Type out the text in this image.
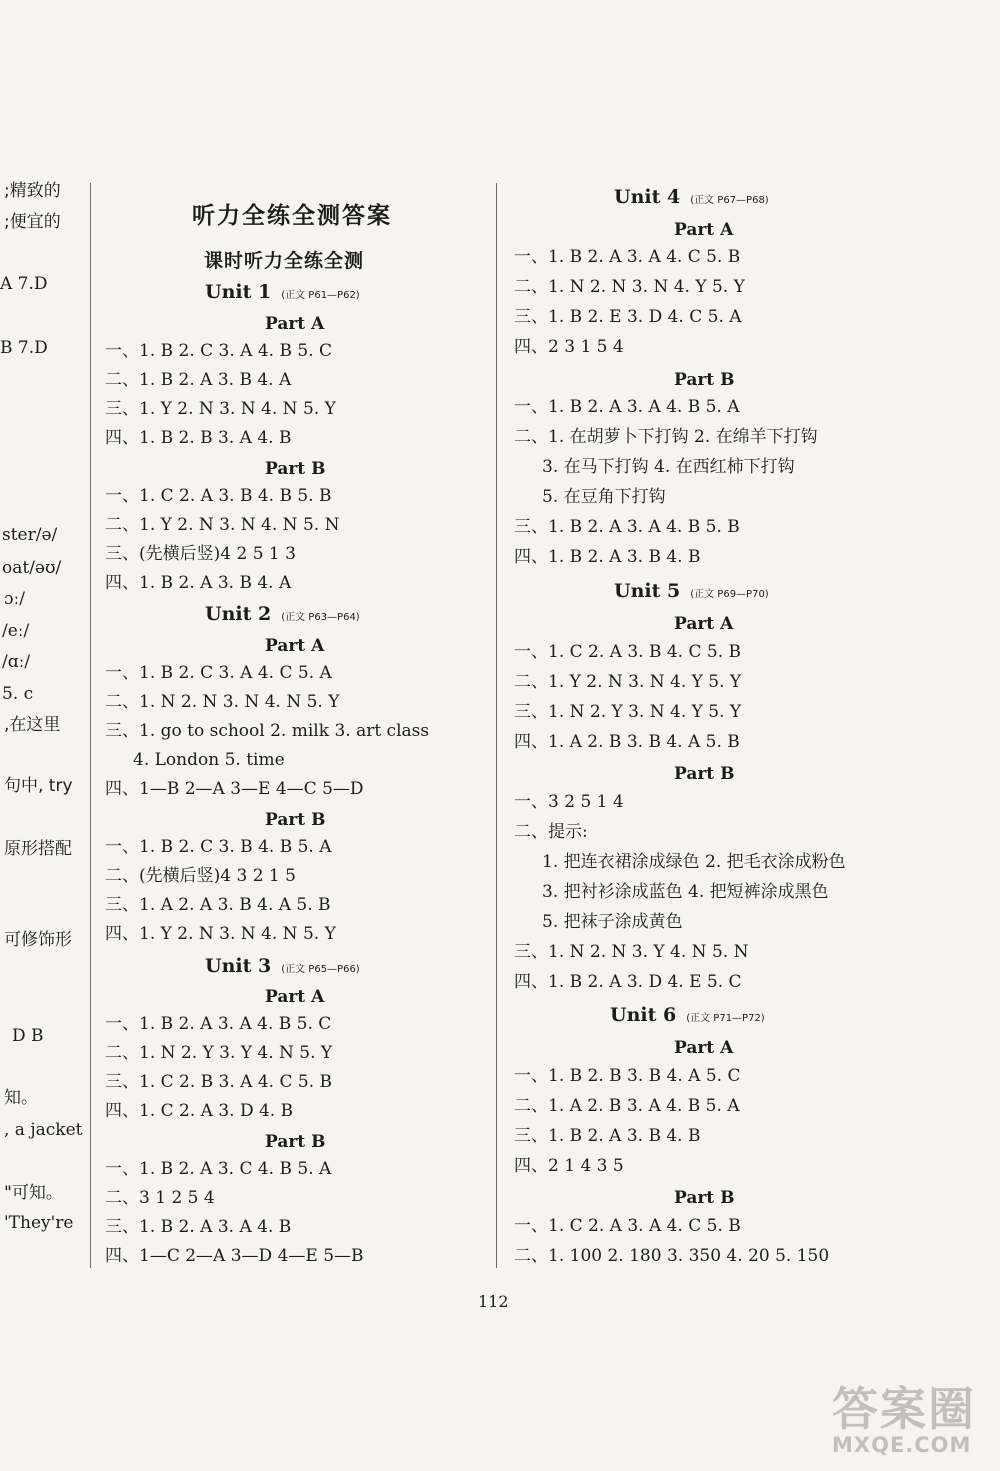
;精致的
;便宜的
A 7.D
B 7.D
ster/ə/
oat/əʊ/
ɔː/
/eː/
/ɑː/
5. c
,在这里
句中, try
原形搭配
可修饰形
D B
知。
, a jacket
"可知。
'They're
听力全练全测答案
课时听力全练全测
Unit 1 (正文 P61—P62)
Part A
一、1. B 2. C 3. A 4. B 5. C
二、1. B 2. A 3. B 4. A
三、1. Y 2. N 3. N 4. N 5. Y
四、1. B 2. B 3. A 4. B
Part B
一、1. C 2. A 3. B 4. B 5. B
二、1. Y 2. N 3. N 4. N 5. N
三、(先横后竖)4 2 5 1 3
四、1. B 2. A 3. B 4. A
Unit 2 (正文 P63—P64)
Part A
一、1. B 2. C 3. A 4. C 5. A
二、1. N 2. N 3. N 4. N 5. Y
三、1. go to school 2. milk 3. art class
4. London 5. time
四、1—B 2—A 3—E 4—C 5—D
Part B
一、1. B 2. C 3. B 4. B 5. A
二、(先横后竖)4 3 2 1 5
三、1. A 2. A 3. B 4. A 5. B
四、1. Y 2. N 3. N 4. N 5. Y
Unit 3 (正文 P65—P66)
Part A
一、1. B 2. A 3. A 4. B 5. C
二、1. N 2. Y 3. Y 4. N 5. Y
三、1. C 2. B 3. A 4. C 5. B
四、1. C 2. A 3. D 4. B
Part B
一、1. B 2. A 3. C 4. B 5. A
二、3 1 2 5 4
三、1. B 2. A 3. A 4. B
四、1—C 2—A 3—D 4—E 5—B
Unit 4 (正文 P67—P68)
Part A
一、1. B 2. A 3. A 4. C 5. B
二、1. N 2. N 3. N 4. Y 5. Y
三、1. B 2. E 3. D 4. C 5. A
四、2 3 1 5 4
Part B
一、1. B 2. A 3. A 4. B 5. A
二、1. 在胡萝卜下打钩 2. 在绵羊下打钩
3. 在马下打钩 4. 在西红柿下打钩
5. 在豆角下打钩
三、1. B 2. A 3. A 4. B 5. B
四、1. B 2. A 3. B 4. B
Unit 5 (正文 P69—P70)
Part A
一、1. C 2. A 3. B 4. C 5. B
二、1. Y 2. N 3. N 4. Y 5. Y
三、1. N 2. Y 3. N 4. Y 5. Y
四、1. A 2. B 3. B 4. A 5. B
Part B
一、3 2 5 1 4
二、提示:
1. 把连衣裙涂成绿色 2. 把毛衣涂成粉色
3. 把衬衫涂成蓝色 4. 把短裤涂成黑色
5. 把袜子涂成黄色
三、1. N 2. N 3. Y 4. N 5. N
四、1. B 2. A 3. D 4. E 5. C
Unit 6 (正文 P71—P72)
Part A
一、1. B 2. B 3. B 4. A 5. C
二、1. A 2. B 3. A 4. B 5. A
三、1. B 2. A 3. B 4. B
四、2 1 4 3 5
Part B
一、1. C 2. A 3. A 4. C 5. B
二、1. 100 2. 180 3. 350 4. 20 5. 150
112
答案圈
MXQE.COM
